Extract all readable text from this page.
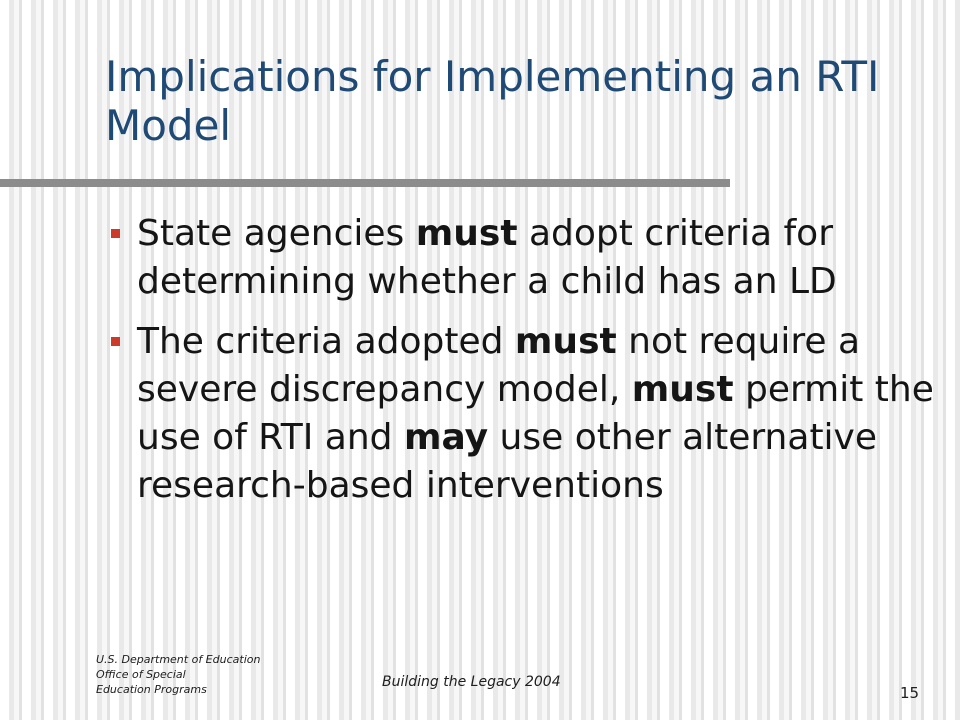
Implications for Implementing an RTI Model
State agencies must adopt criteria for determining whether a child has an LD
The criteria adopted must not require a severe discrepancy model, must permit the use of RTI and may use other alternative research-based interventions
U.S. Department of Education
Office of Special
Education Programs	Building the Legacy 2004
15
